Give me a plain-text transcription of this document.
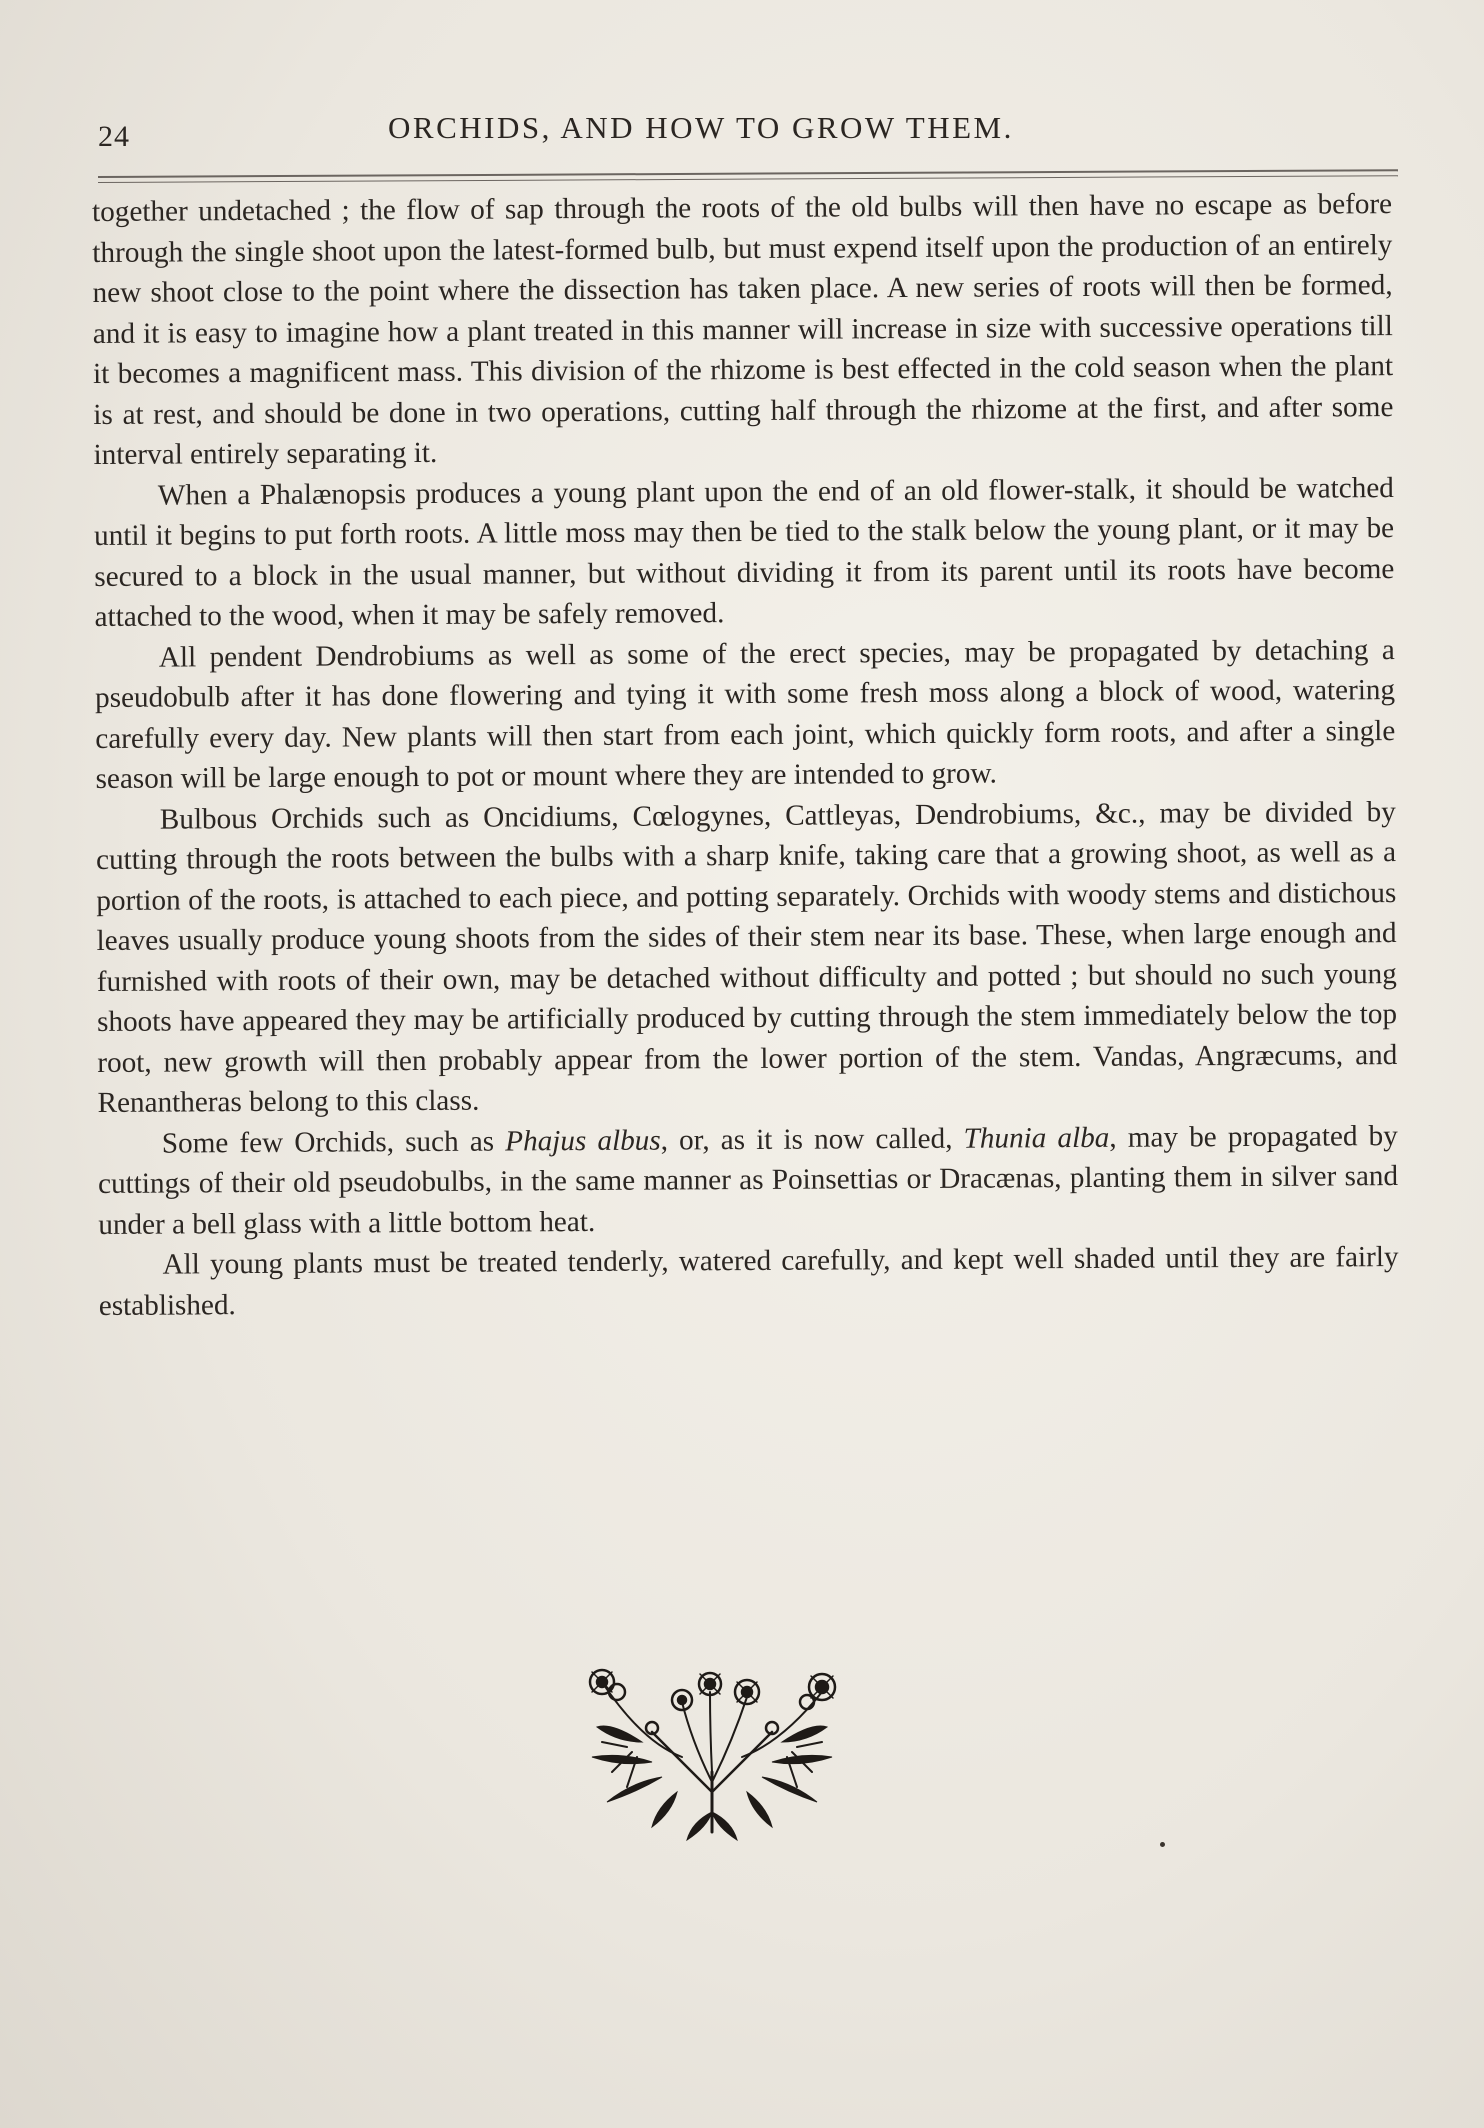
24	ORCHIDS, AND HOW TO GROW THEM.

together undetached ; the flow of sap through the roots of the old bulbs will then have no escape as before through the single shoot upon the latest-formed bulb, but must expend itself upon the production of an entirely new shoot close to the point where the dissection has taken place. A new series of roots will then be formed, and it is easy to imagine how a plant treated in this manner will increase in size with successive operations till it becomes a magnificent mass. This division of the rhizome is best effected in the cold season when the plant is at rest, and should be done in two operations, cutting half through the rhizome at the first, and after some interval entirely separating it.

When a Phalænopsis produces a young plant upon the end of an old flower-stalk, it should be watched until it begins to put forth roots. A little moss may then be tied to the stalk below the young plant, or it may be secured to a block in the usual manner, but without dividing it from its parent until its roots have become attached to the wood, when it may be safely removed.

All pendent Dendrobiums as well as some of the erect species, may be propagated by detaching a pseudobulb after it has done flowering and tying it with some fresh moss along a block of wood, watering carefully every day. New plants will then start from each joint, which quickly form roots, and after a single season will be large enough to pot or mount where they are intended to grow.

Bulbous Orchids such as Oncidiums, Cœlogynes, Cattleyas, Dendrobiums, &c., may be divided by cutting through the roots between the bulbs with a sharp knife, taking care that a growing shoot, as well as a portion of the roots, is attached to each piece, and potting separately. Orchids with woody stems and distichous leaves usually produce young shoots from the sides of their stem near its base. These, when large enough and furnished with roots of their own, may be detached without difficulty and potted ; but should no such young shoots have appeared they may be artificially produced by cutting through the stem immediately below the top root, new growth will then probably appear from the lower portion of the stem. Vandas, Angræcums, and Renantheras belong to this class.

Some few Orchids, such as Phajus albus, or, as it is now called, Thunia alba, may be propagated by cuttings of their old pseudobulbs, in the same manner as Poinsettias or Dracænas, planting them in silver sand under a bell glass with a little bottom heat.

All young plants must be treated tenderly, watered carefully, and kept well shaded until they are fairly established.
